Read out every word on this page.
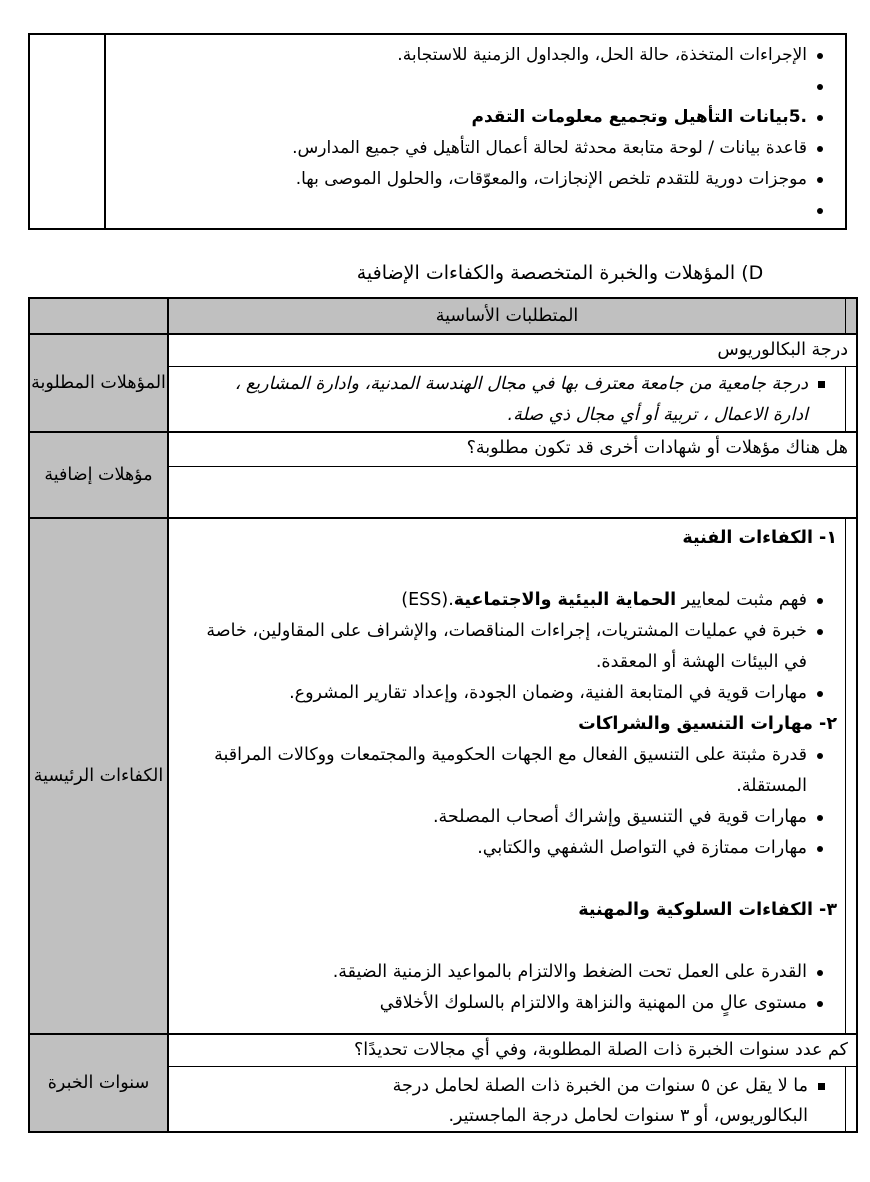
الإجراءات المتخذة، حالة الحل، والجداول الزمنية للاستجابة.
.5بيانات التأهيل وتجميع معلومات التقدم
قاعدة بيانات / لوحة متابعة محدثة لحالة أعمال التأهيل في جميع المدارس.
موجزات دورية للتقدم تلخص الإنجازات، والمعوّقات، والحلول الموصى بها.
D) المؤهلات والخبرة المتخصصة والكفاءات الإضافية
المتطلبات الأساسية
المؤهلات المطلوبة
درجة البكالوريوس
درجة جامعية من جامعة معترف بها في مجال الهندسة المدنية، وادارة المشاريع ، ادارة الاعمال ، تربية أو أي مجال ذي صلة.
مؤهلات إضافية
هل هناك مؤهلات أو شهادات أخرى قد تكون مطلوبة؟
الكفاءات الرئيسية
١- الكفاءات الفنية
فهم مثبت لمعايير الحماية البيئية والاجتماعية.(ESS)
خبرة في عمليات المشتريات، إجراءات المناقصات، والإشراف على المقاولين، خاصة في البيئات الهشة أو المعقدة.
مهارات قوية في المتابعة الفنية، وضمان الجودة، وإعداد تقارير المشروع.
٢- مهارات التنسيق والشراكات
قدرة مثبتة على التنسيق الفعال مع الجهات الحكومية والمجتمعات ووكالات المراقبة المستقلة.
مهارات قوية في التنسيق وإشراك أصحاب المصلحة.
مهارات ممتازة في التواصل الشفهي والكتابي.
٣- الكفاءات السلوكية والمهنية
القدرة على العمل تحت الضغط والالتزام بالمواعيد الزمنية الضيقة.
مستوى عالٍ من المهنية والنزاهة والالتزام بالسلوك الأخلاقي
سنوات الخبرة
كم عدد سنوات الخبرة ذات الصلة المطلوبة، وفي أي مجالات تحديدًا؟
ما لا يقل عن ٥ سنوات من الخبرة ذات الصلة لحامل درجة البكالوريوس، أو ٣ سنوات لحامل درجة الماجستير.
